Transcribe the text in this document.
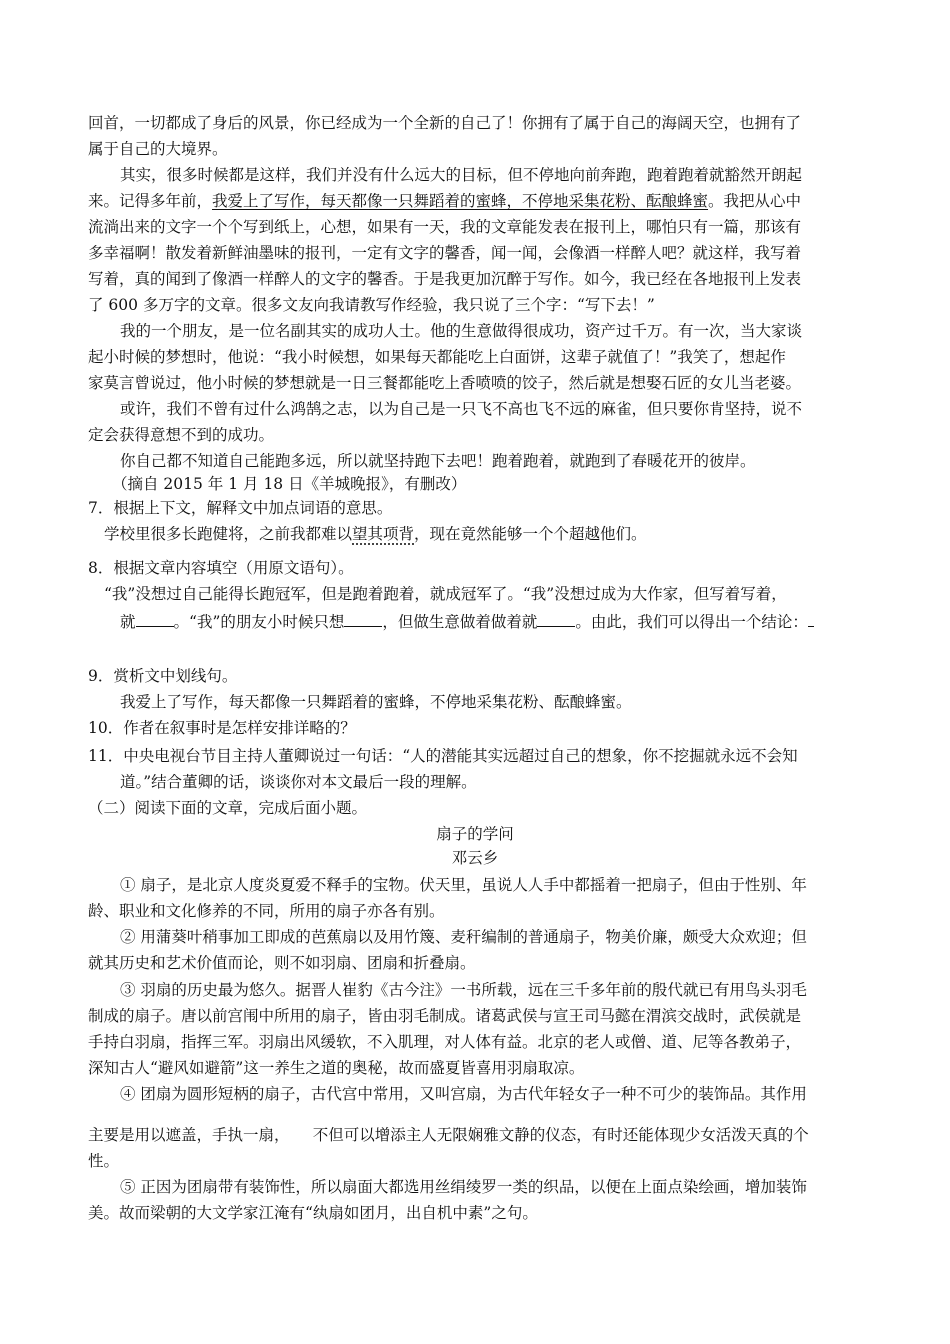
回首，一切都成了身后的风景，你已经成为一个全新的自己了！你拥有了属于自己的海阔天空，也拥有了
属于自己的大境界。
其实，很多时候都是这样，我们并没有什么远大的目标，但不停地向前奔跑，跑着跑着就豁然开朗起
来。记得多年前，我爱上了写作，每天都像一只舞蹈着的蜜蜂，不停地采集花粉、酝酿蜂蜜。我把从心中
流淌出来的文字一个个写到纸上，心想，如果有一天，我的文章能发表在报刊上，哪怕只有一篇，那该有
多幸福啊！散发着新鲜油墨味的报刊，一定有文字的馨香，闻一闻，会像酒一样醉人吧？就这样，我写着
写着，真的闻到了像酒一样醉人的文字的馨香。于是我更加沉醉于写作。如今，我已经在各地报刊上发表
了 600 多万字的文章。很多文友向我请教写作经验，我只说了三个字：“写下去！”
我的一个朋友，是一位名副其实的成功人士。他的生意做得很成功，资产过千万。有一次，当大家谈
起小时候的梦想时，他说：“我小时候想，如果每天都能吃上白面饼，这辈子就值了！”我笑了，想起作
家莫言曾说过，他小时候的梦想就是一日三餐都能吃上香喷喷的饺子，然后就是想娶石匠的女儿当老婆。
或许，我们不曾有过什么鸿鹄之志，以为自己是一只飞不高也飞不远的麻雀，但只要你肯坚持，说不
定会获得意想不到的成功。
你自己都不知道自己能跑多远，所以就坚持跑下去吧！跑着跑着，就跑到了春暖花开的彼岸。
（摘自 2015 年 1 月 18 日《羊城晚报》，有删改）
7．根据上下文，解释文中加点词语的意思。
学校里很多长跑健将，之前我都难以望其项背，现在竟然能够一个个超越他们。
8．根据文章内容填空（用原文语句）。
“我”没想过自己能得长跑冠军，但是跑着跑着，就成冠军了。“我”没想过成为大作家，但写着写着，
就 。“我”的朋友小时候只想 ，但做生意做着做着就 。由此，我们可以得出一个结论：
9．赏析文中划线句。
我爱上了写作，每天都像一只舞蹈着的蜜蜂，不停地采集花粉、酝酿蜂蜜。
10．作者在叙事时是怎样安排详略的？
11．中央电视台节目主持人董卿说过一句话：“人的潜能其实远超过自己的想象，你不挖掘就永远不会知
道。”结合董卿的话，谈谈你对本文最后一段的理解。
（二）阅读下面的文章，完成后面小题。
扇子的学问
邓云乡
① 扇子，是北京人度炎夏爱不释手的宝物。伏天里，虽说人人手中都摇着一把扇子，但由于性别、年
龄、职业和文化修养的不同，所用的扇子亦各有别。
② 用蒲葵叶稍事加工即成的芭蕉扇以及用竹篾、麦秆编制的普通扇子，物美价廉，颇受大众欢迎；但
就其历史和艺术价值而论，则不如羽扇、团扇和折叠扇。
③ 羽扇的历史最为悠久。据晋人崔豹《古今注》一书所载，远在三千多年前的殷代就已有用鸟头羽毛
制成的扇子。唐以前宫闱中所用的扇子，皆由羽毛制成。诸葛武侯与宣王司马懿在渭滨交战时，武侯就是
手持白羽扇，指挥三军。羽扇出风缓软，不入肌理，对人体有益。北京的老人或僧、道、尼等各教弟子，
深知古人“避风如避箭”这一养生之道的奥秘，故而盛夏皆喜用羽扇取凉。
④ 团扇为圆形短柄的扇子，古代宫中常用，又叫宫扇，为古代年轻女子一种不可少的装饰品。其作用
主要是用以遮盖，手执一扇，　　不但可以增添主人无限娴雅文静的仪态，有时还能体现少女活泼天真的个
性。
⑤ 正因为团扇带有装饰性，所以扇面大都选用丝绢绫罗一类的织品，以便在上面点染绘画，增加装饰
美。故而梁朝的大文学家江淹有“纨扇如团月，出自机中素”之句。
